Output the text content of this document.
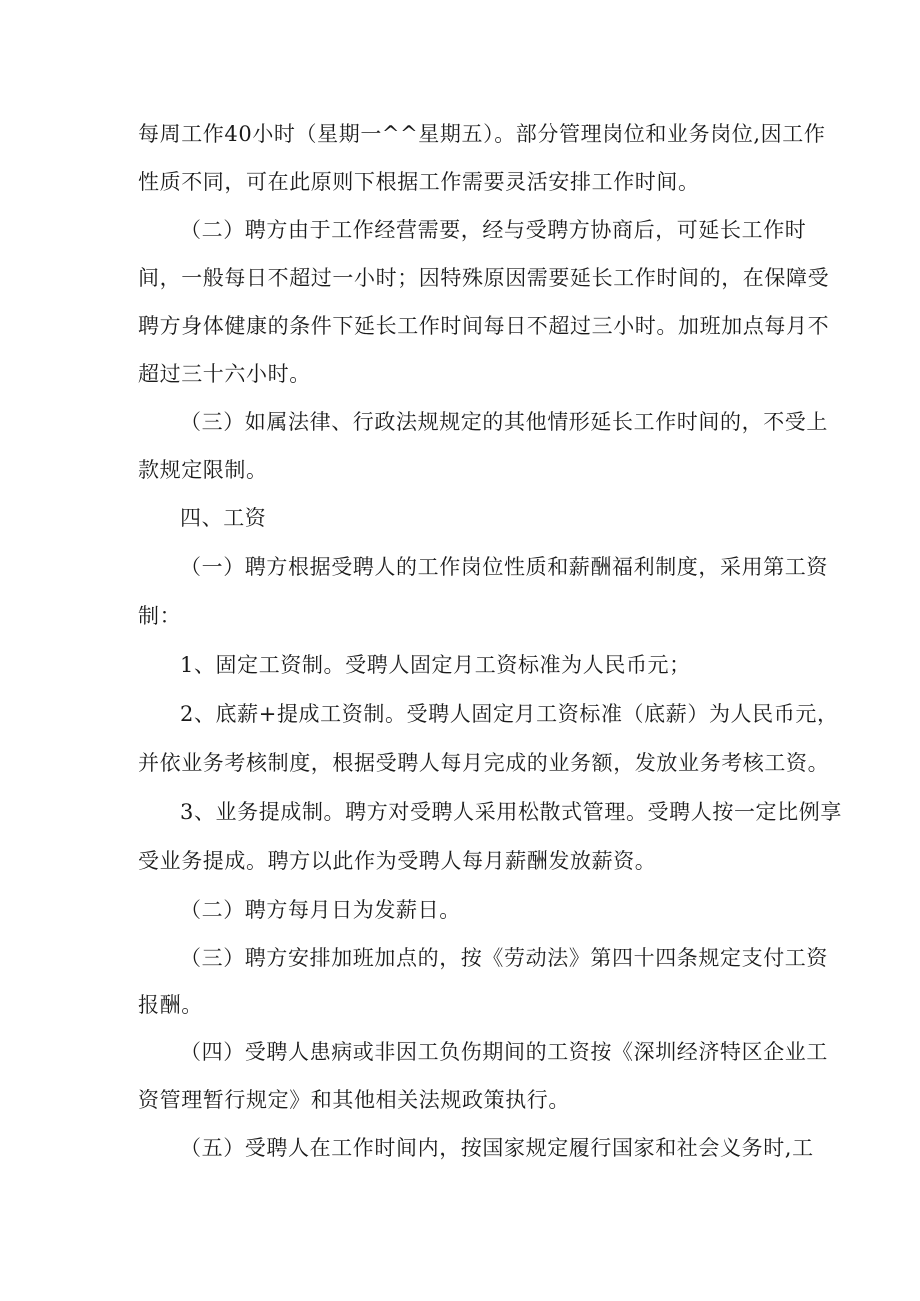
每周工作40小时（星期一^^星期五）。部分管理岗位和业务岗位,因工作
性质不同，可在此原则下根据工作需要灵活安排工作时间。
（二）聘方由于工作经营需要，经与受聘方协商后，可延长工作时
间，一般每日不超过一小时；因特殊原因需要延长工作时间的，在保障受
聘方身体健康的条件下延长工作时间每日不超过三小时。加班加点每月不
超过三十六小时。
（三）如属法律、行政法规规定的其他情形延长工作时间的，不受上
款规定限制。
四、工资
（一）聘方根据受聘人的工作岗位性质和薪酬福利制度，采用第工资
制：
1、固定工资制。受聘人固定月工资标准为人民币元；
2、底薪+提成工资制。受聘人固定月工资标准（底薪）为人民币元，
并依业务考核制度，根据受聘人每月完成的业务额，发放业务考核工资。
3、业务提成制。聘方对受聘人采用松散式管理。受聘人按一定比例享
受业务提成。聘方以此作为受聘人每月薪酬发放薪资。
（二）聘方每月日为发薪日。
（三）聘方安排加班加点的，按《劳动法》第四十四条规定支付工资
报酬。
（四）受聘人患病或非因工负伤期间的工资按《深圳经济特区企业工
资管理暂行规定》和其他相关法规政策执行。
（五）受聘人在工作时间内，按国家规定履行国家和社会义务时,工
